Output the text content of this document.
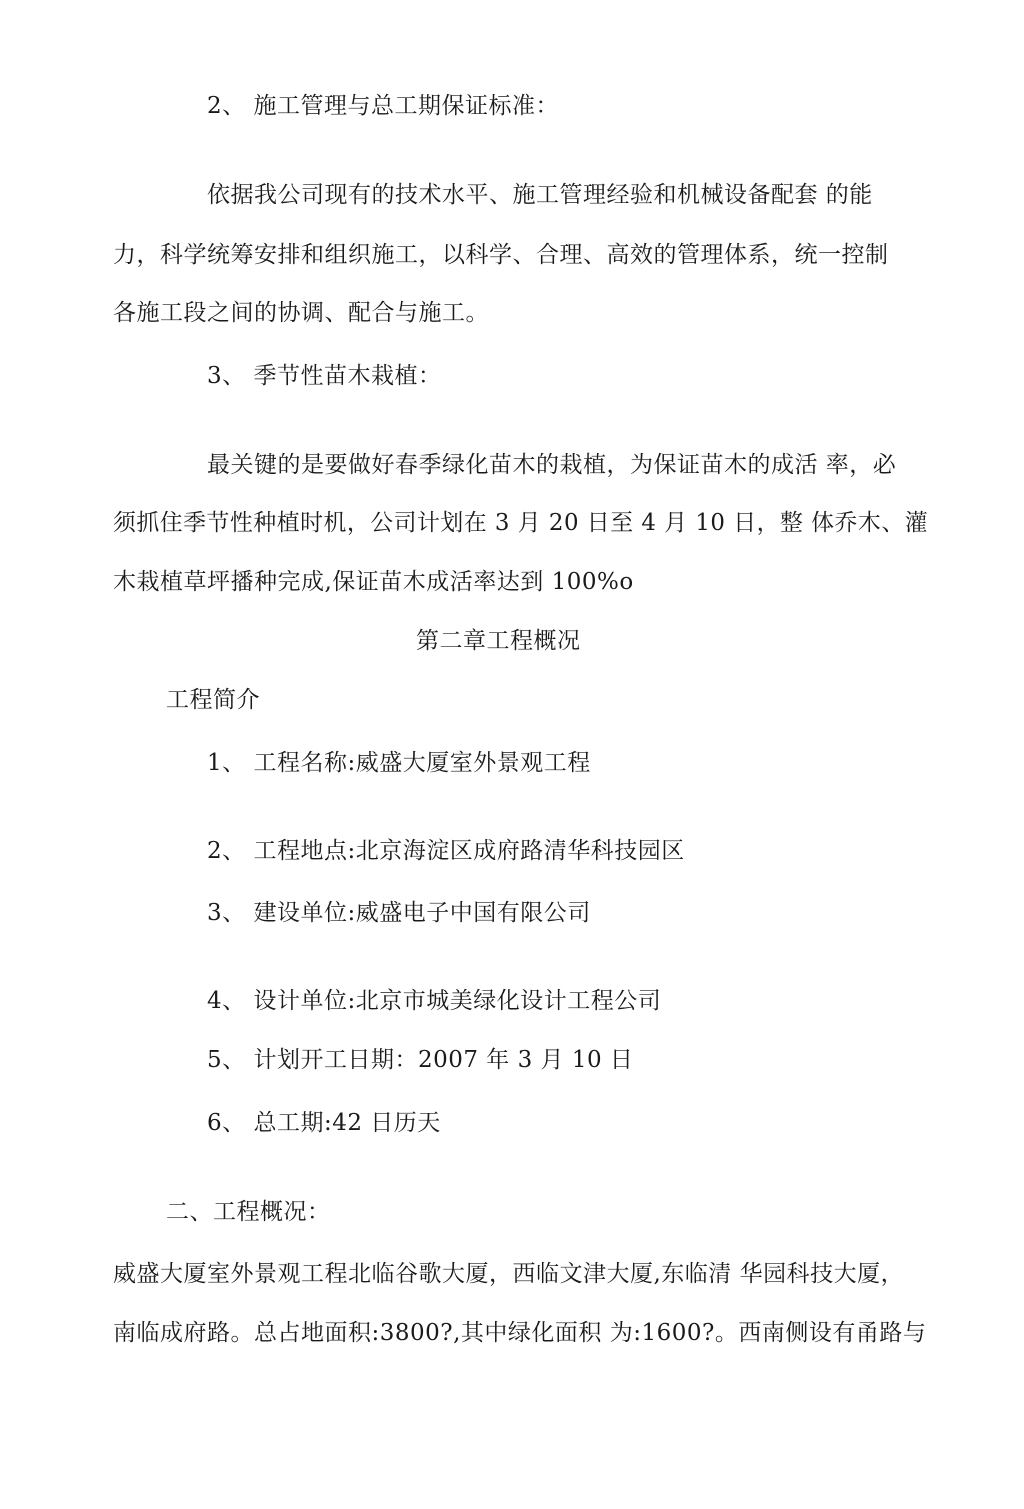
2、 施工管理与总工期保证标准：
依据我公司现有的技术水平、施工管理经验和机械设备配套 的能
力，科学统筹安排和组织施工，以科学、合理、高效的管理体系，统一控制
各施工段之间的协调、配合与施工。
3、 季节性苗木栽植：
最关键的是要做好春季绿化苗木的栽植，为保证苗木的成活 率，必
须抓住季节性种植时机，公司计划在 3 月 20 日至 4 月 10 日，整 体乔木、灌
木栽植草坪播种完成,保证苗木成活率达到 100%o
第二章工程概况
工程简介
1、 工程名称:威盛大厦室外景观工程
2、 工程地点:北京海淀区成府路清华科技园区
3、 建设单位:威盛电子中国有限公司
4、 设计单位:北京市城美绿化设计工程公司
5、 计划开工日期：2007 年 3 月 10 日
6、 总工期:42 日历天
二、工程概况：
威盛大厦室外景观工程北临谷歌大厦，西临文津大厦,东临清 华园科技大厦，
南临成府路。总占地面积:3800?,其中绿化面积 为:1600?。西南侧设有甬路与
